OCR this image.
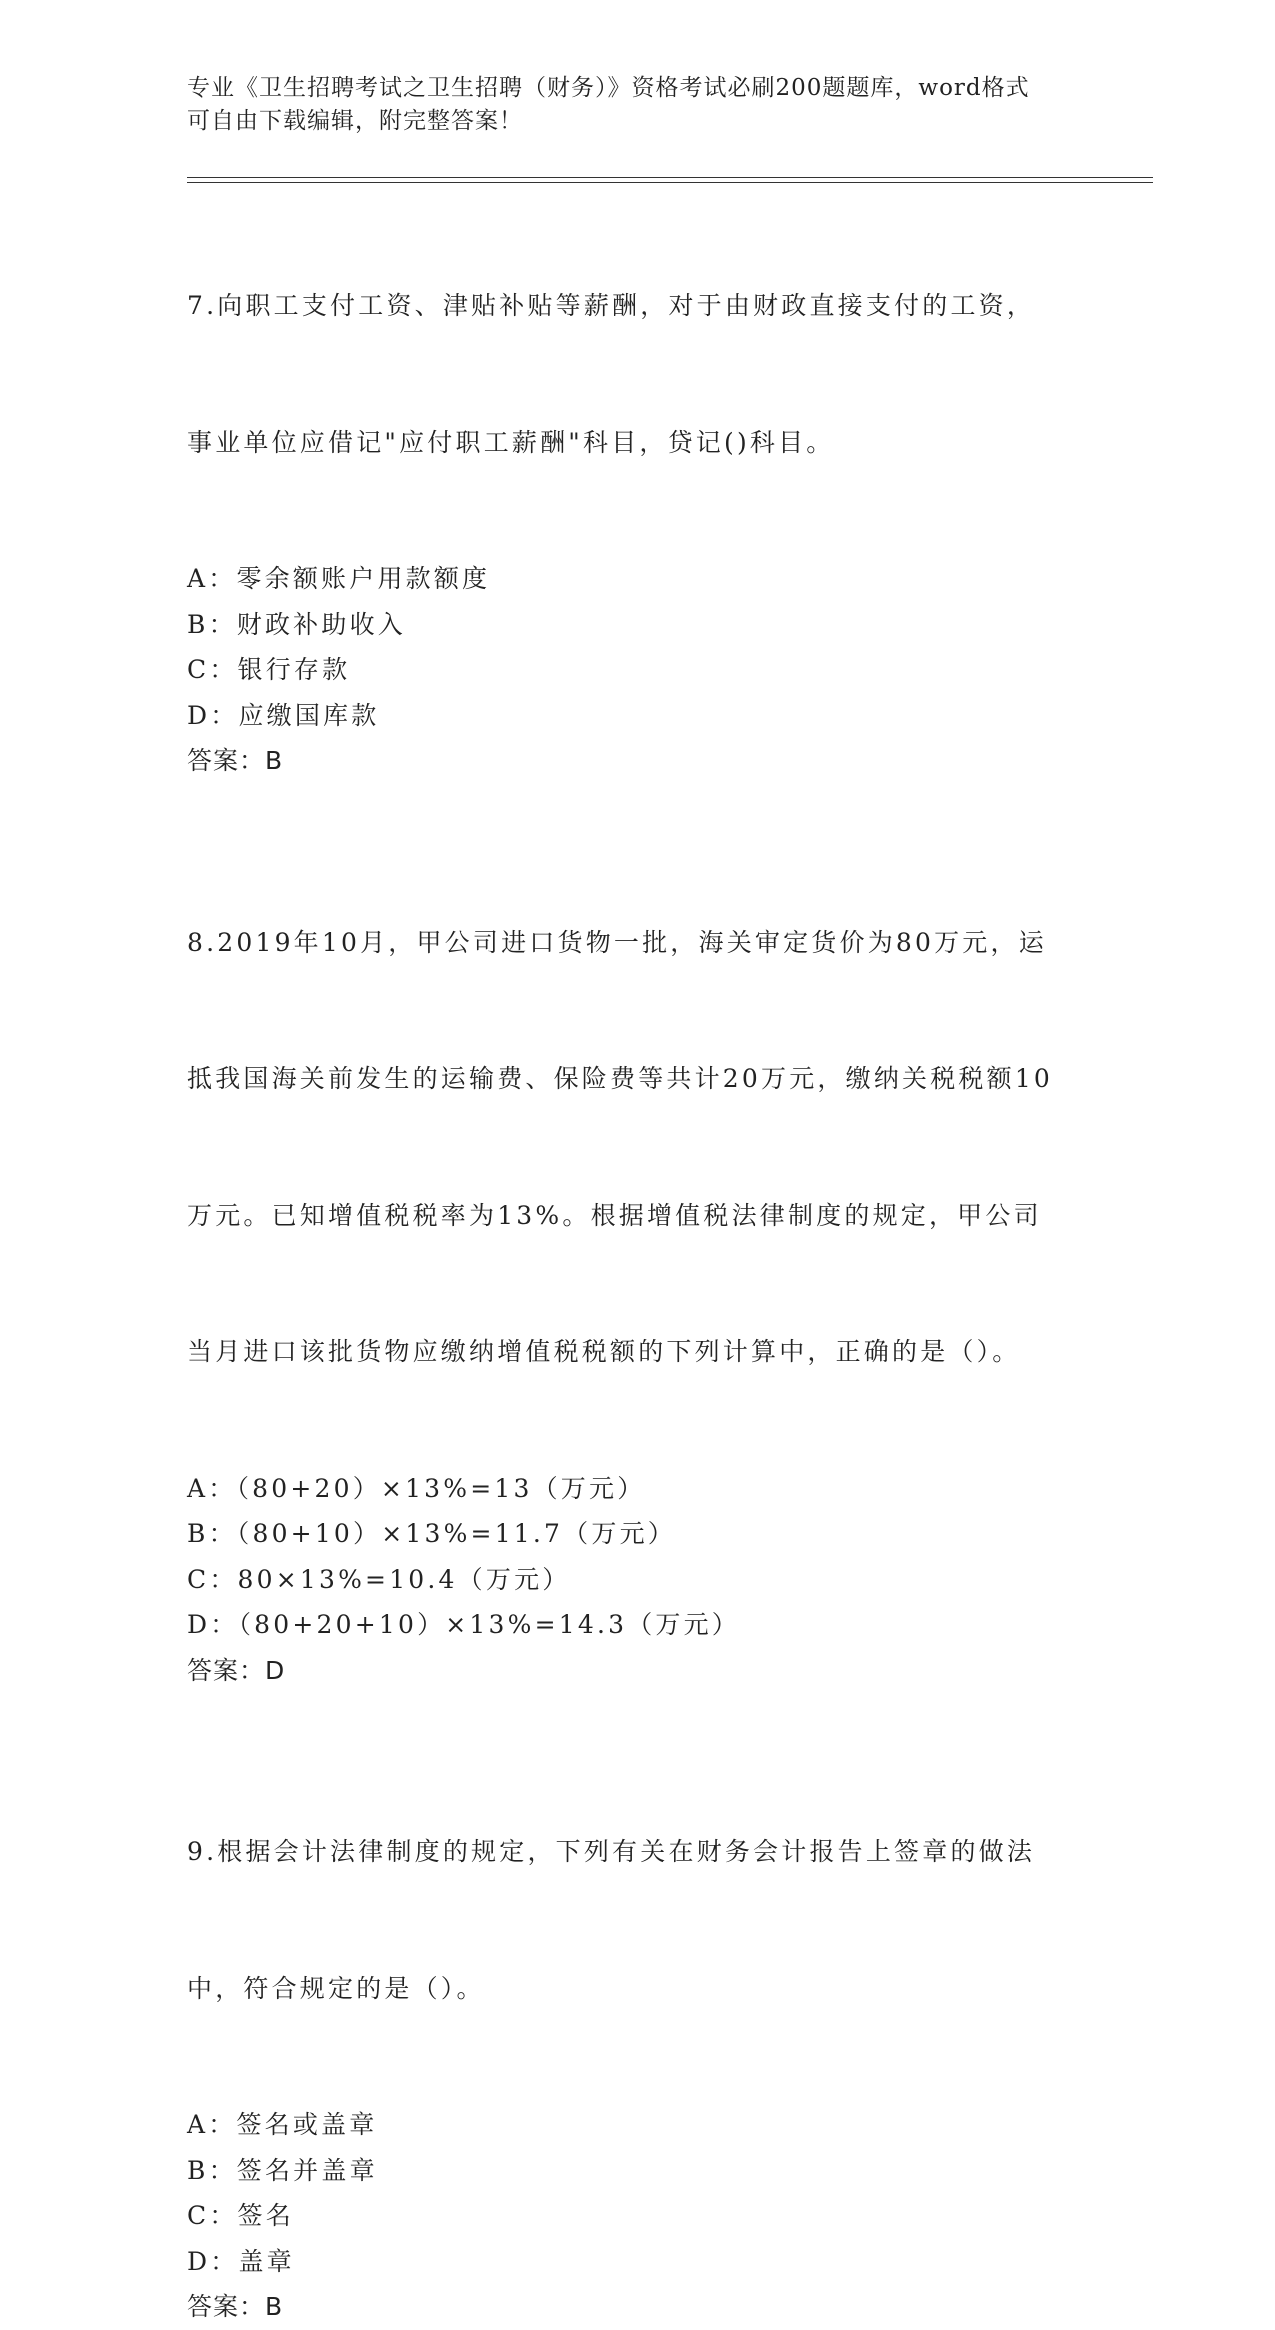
专业《卫生招聘考试之卫生招聘（财务）》资格考试必刷200题题库，word格式
可自由下载编辑，附完整答案！

7.向职工支付工资、津贴补贴等薪酬，对于由财政直接支付的工资，

事业单位应借记"应付职工薪酬"科目，贷记()科目。

A：零余额账户用款额度
B：财政补助收入
C：银行存款
D：应缴国库款
答案：B

8.2019年10月，甲公司进口货物一批，海关审定货价为80万元，运

抵我国海关前发生的运输费、保险费等共计20万元，缴纳关税税额10

万元。已知增值税税率为13%。根据增值税法律制度的规定，甲公司

当月进口该批货物应缴纳增值税税额的下列计算中，正确的是（）。

A：（80+20）×13%=13（万元）
B：（80+10）×13%=11.7（万元）
C：80×13%=10.4（万元）
D：（80+20+10）×13%=14.3（万元）
答案：D

9.根据会计法律制度的规定，下列有关在财务会计报告上签章的做法

中，符合规定的是（）。

A：签名或盖章
B：签名并盖章
C：签名
D：盖章
答案：B
